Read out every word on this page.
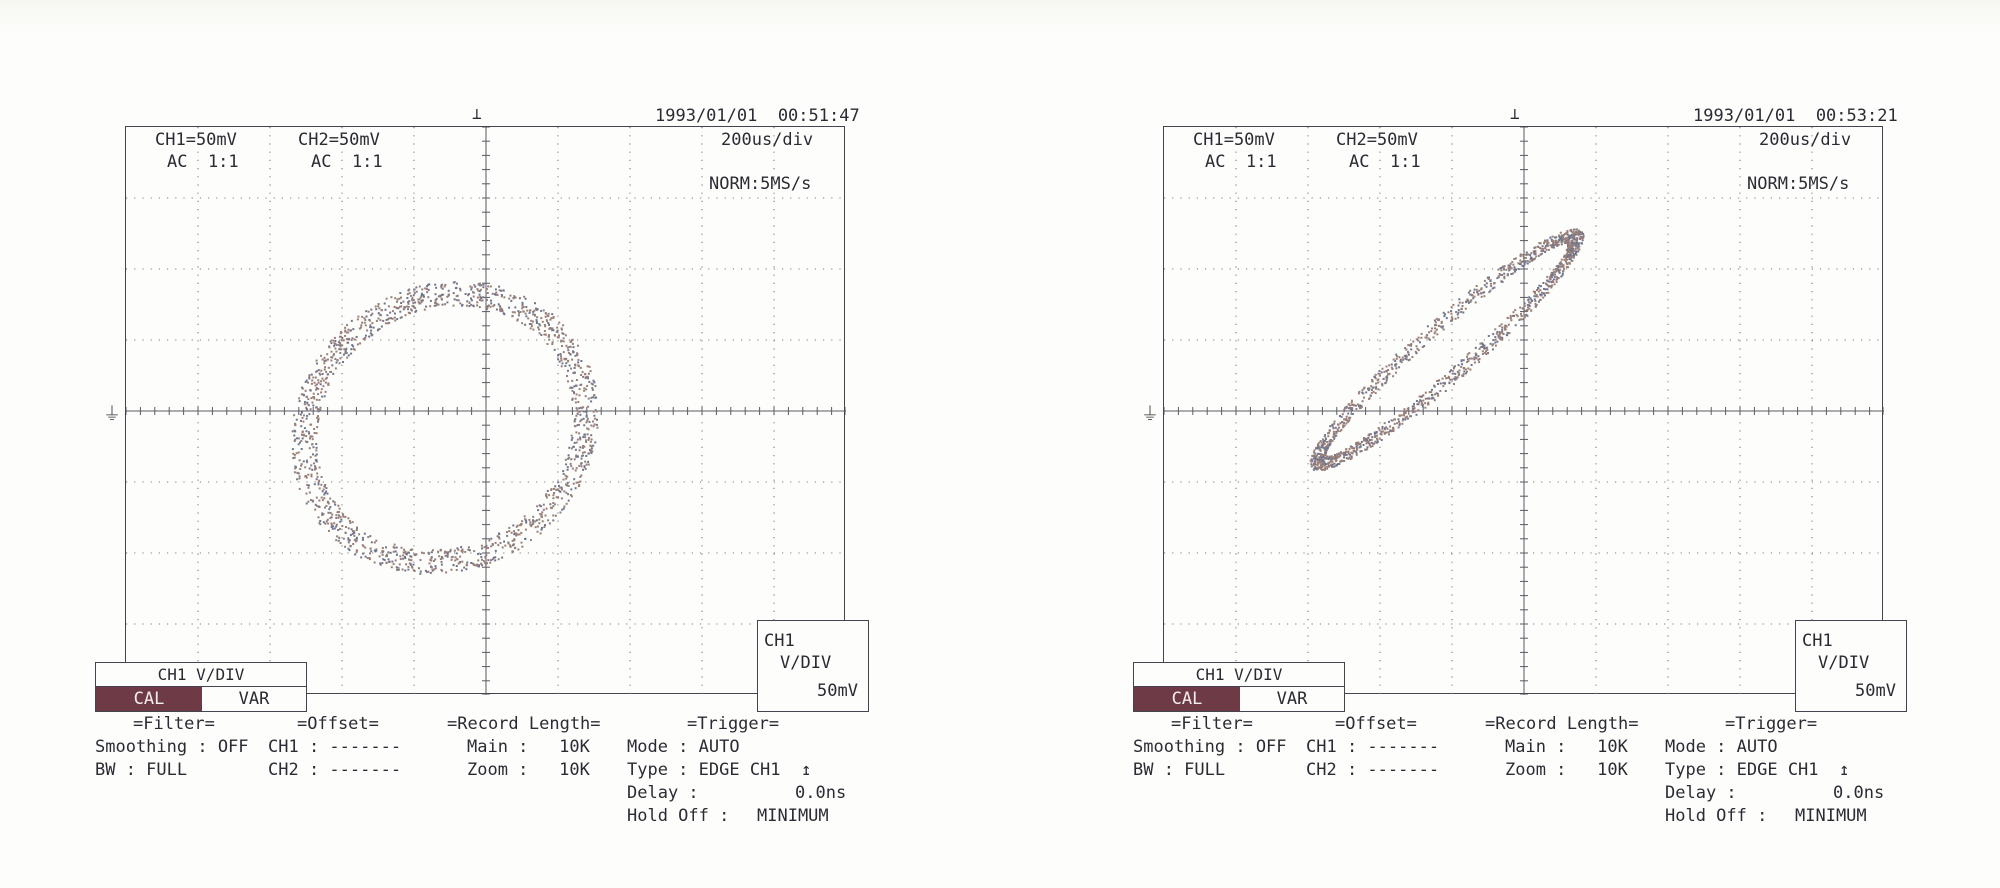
⊥	1993/01/01  00:51:47
CH1=50mV	CH2=50mV
AC  1:1	AC  1:1
200us/div
NORM:5MS/s
⏚
CH1
V/DIV
50mV
CH1 V/DIV
CAL	VAR
=Filter=
Smoothing : OFF
BW : FULL
=Offset=
CH1 : -------
CH2 : -------
=Record Length=
Main :   10K
Zoom :   10K
=Trigger=
Mode : AUTO
Type : EDGE CH1  ↥
Delay :	0.0ns
Hold Off : MINIMUM
⊥	1993/01/01  00:53:21
CH1=50mV	CH2=50mV
AC  1:1	AC  1:1
200us/div
NORM:5MS/s
⏚
CH1
V/DIV
50mV
CH1 V/DIV
CAL	VAR
=Filter=
Smoothing : OFF
BW : FULL
=Offset=
CH1 : -------
CH2 : -------
=Record Length=
Main :   10K
Zoom :   10K
=Trigger=
Mode : AUTO
Type : EDGE CH1  ↥
Delay :	0.0ns
Hold Off : MINIMUM
